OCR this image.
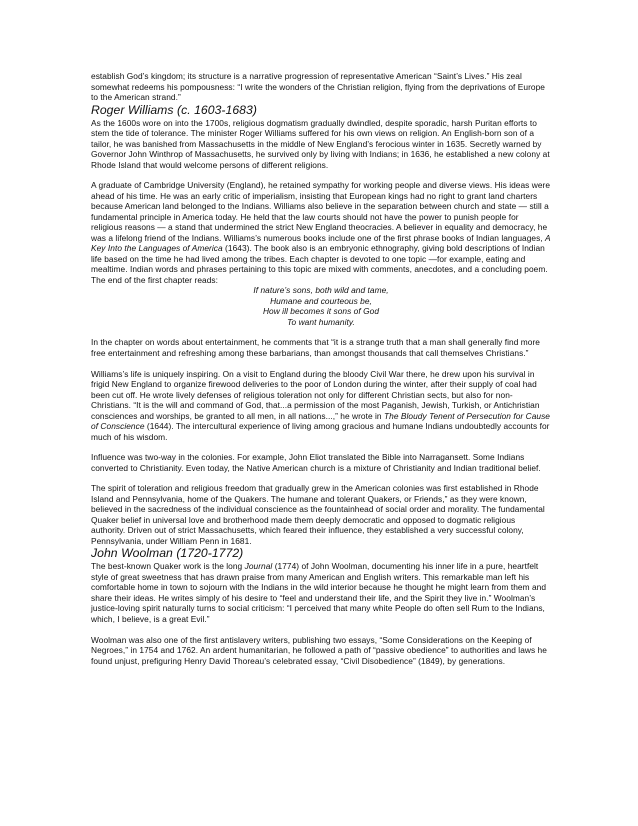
establish God’s kingdom; its structure is a narrative progression of representative American “Saint’s Lives.” His zeal somewhat redeems his pompousness: “I write the wonders of the Christian religion, flying from the deprivations of Europe to the American strand.”

Roger Williams (c. 1603-1683)

As the 1600s wore on into the 1700s, religious dogmatism gradually dwindled, despite sporadic, harsh Puritan efforts to stem the tide of tolerance. The minister Roger Williams suffered for his own views on religion. An English-born son of a tailor, he was banished from Massachusetts in the middle of New England’s ferocious winter in 1635. Secretly warned by Governor John Winthrop of Massachusetts, he survived only by living with Indians; in 1636, he established a new colony at Rhode Island that would welcome persons of different religions.

A graduate of Cambridge University (England), he retained sympathy for working people and diverse views. His ideas were ahead of his time. He was an early critic of imperialism, insisting that European kings had no right to grant land charters because American land belonged to the Indians. Williams also believe in the separation between church and state — still a fundamental principle in America today. He held that the law courts should not have the power to punish people for religious reasons — a stand that undermined the strict New England theocracies. A believer in equality and democracy, he was a lifelong friend of the Indians. Williams’s numerous books include one of the first phrase books of Indian languages, A Key Into the Languages of America (1643). The book also is an embryonic ethnography, giving bold descriptions of Indian life based on the time he had lived among the tribes. Each chapter is devoted to one topic —for example, eating and mealtime. Indian words and phrases pertaining to this topic are mixed with comments, anecdotes, and a concluding poem. The end of the first chapter reads:

If nature’s sons, both wild and tame,
Humane and courteous be,
How ill becomes it sons of God
To want humanity.

In the chapter on words about entertainment, he comments that “it is a strange truth that a man shall generally find more free entertainment and refreshing among these barbarians, than amongst thousands that call themselves Christians.”

Williams’s life is uniquely inspiring. On a visit to England during the bloody Civil War there, he drew upon his survival in frigid New England to organize firewood deliveries to the poor of London during the winter, after their supply of coal had been cut off. He wrote lively defenses of religious toleration not only for different Christian sects, but also for non-Christians. “It is the will and command of God, that...a permission of the most Paganish, Jewish, Turkish, or Antichristian consciences and worships, be granted to all men, in all nations...,” he wrote in The Bloudy Tenent of Persecution for Cause of Conscience (1644). The intercultural experience of living among gracious and humane Indians undoubtedly accounts for much of his wisdom.

Influence was two-way in the colonies. For example, John Eliot translated the Bible into Narragansett. Some Indians converted to Christianity. Even today, the Native American church is a mixture of Christianity and Indian traditional belief.

The spirit of toleration and religious freedom that gradually grew in the American colonies was first established in Rhode Island and Pennsylvania, home of the Quakers. The humane and tolerant Quakers, or Friends,” as they were known, believed in the sacredness of the individual conscience as the fountainhead of social order and morality. The fundamental Quaker belief in universal love and brotherhood made them deeply democratic and opposed to dogmatic religious authority. Driven out of strict Massachusetts, which feared their influence, they established a very successful colony, Pennsylvania, under William Penn in 1681.

John Woolman (1720-1772)

The best-known Quaker work is the long Journal (1774) of John Woolman, documenting his inner life in a pure, heartfelt style of great sweetness that has drawn praise from many American and English writers. This remarkable man left his comfortable home in town to sojourn with the Indians in the wild interior because he thought he might learn from them and share their ideas. He writes simply of his desire to “feel and understand their life, and the Spirit they live in.” Woolman’s justice-loving spirit naturally turns to social criticism: “I perceived that many white People do often sell Rum to the Indians, which, I believe, is a great Evil.”

Woolman was also one of the first antislavery writers, publishing two essays, “Some Considerations on the Keeping of Negroes,” in 1754 and 1762. An ardent humanitarian, he followed a path of “passive obedience” to authorities and laws he found unjust, prefiguring Henry David Thoreau’s celebrated essay, “Civil Disobedience” (1849), by generations.
